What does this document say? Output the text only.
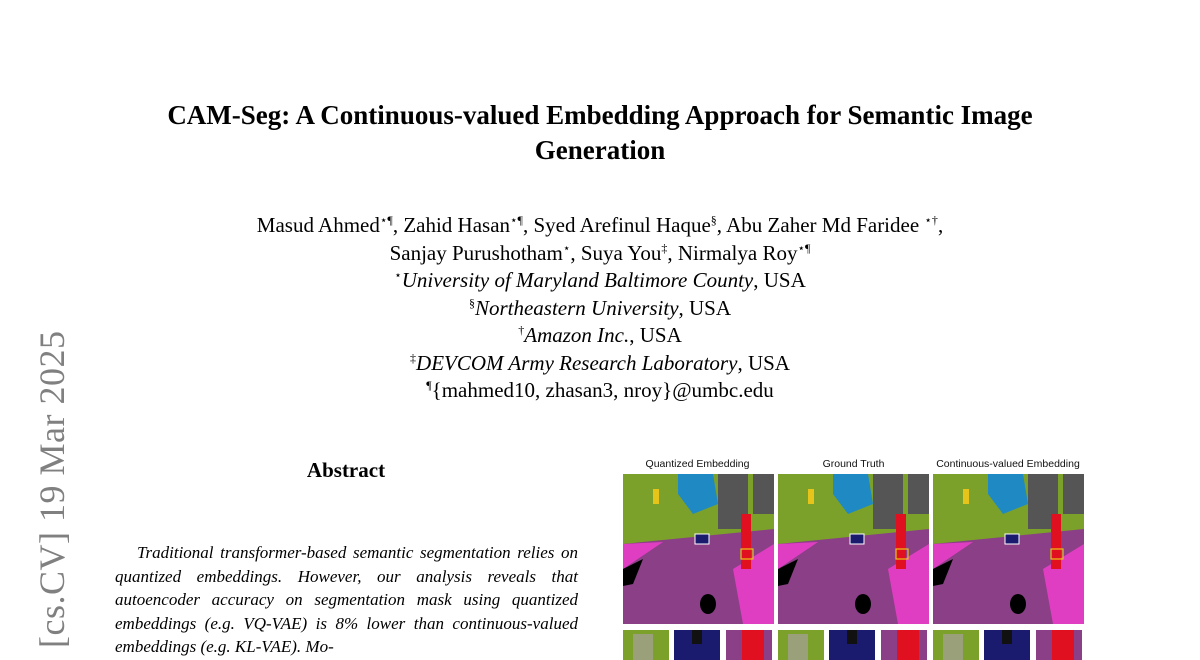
[cs.CV] 19 Mar 2025
CAM-Seg: A Continuous-valued Embedding Approach for Semantic Image Generation
Masud Ahmed⋆¶, Zahid Hasan⋆¶, Syed Arefinul Haque§, Abu Zaher Md Faridee ⋆†,
Sanjay Purushotham⋆, Suya You‡, Nirmalya Roy⋆¶
⋆University of Maryland Baltimore County, USA
§Northeastern University, USA
†Amazon Inc., USA
‡DEVCOM Army Research Laboratory, USA
¶{mahmed10, zhasan3, nroy}@umbc.edu
Abstract
Traditional transformer-based semantic segmentation relies on quantized embeddings. However, our analysis reveals that autoencoder accuracy on segmentation mask using quantized embeddings (e.g. VQ-VAE) is 8% lower than continuous-valued embeddings (e.g. KL-VAE). Mo-
Quantized Embedding	Ground Truth	Continuous-valued Embedding
